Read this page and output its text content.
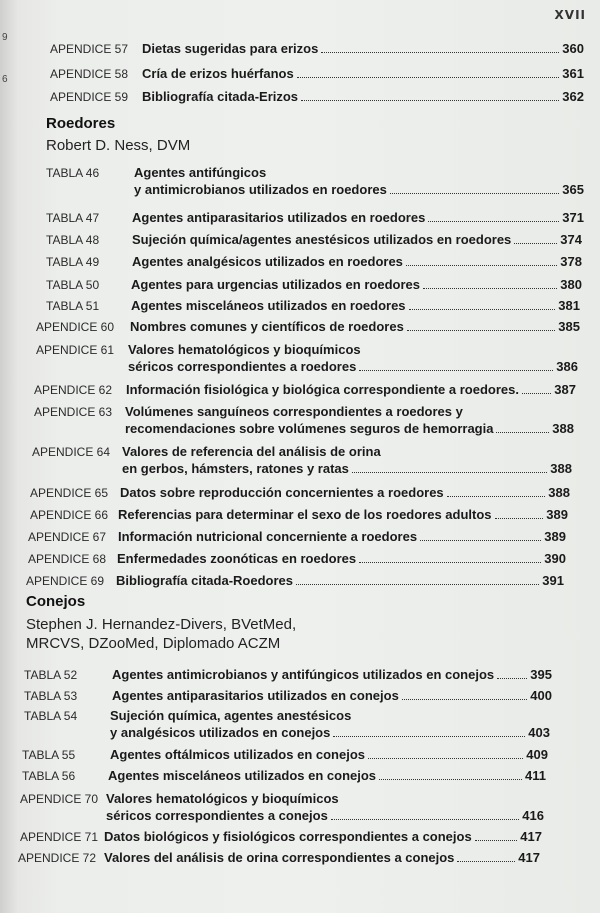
XVII
9
6
APENDICE 57 Dietas sugeridas para erizos	360
APENDICE 58 Cría de erizos huérfanos	361
APENDICE 59 Bibliografía citada-Erizos	362
Roedores
Robert D. Ness, DVM
TABLA 46	Agentes antifúngicos
y antimicrobianos utilizados en roedores	365
TABLA 47	Agentes antiparasitarios utilizados en roedores	371
TABLA 48	Sujeción química/agentes anestésicos utilizados en roedores	374
TABLA 49	Agentes analgésicos utilizados en roedores	378
TABLA 50 Agentes para urgencias utilizados en roedores	380
TABLA 51 Agentes misceláneos utilizados en roedores	381
APENDICE 60 Nombres comunes y científicos de roedores	385
APENDICE 61 Valores hematológicos y bioquímicos
séricos correspondientes a roedores	386
APENDICE 62 Información fisiológica y biológica correspondiente a roedores.	387
APENDICE 63 Volúmenes sanguíneos correspondientes a roedores y
recomendaciones sobre volúmenes seguros de hemorragia	388
APENDICE 64 Valores de referencia del análisis de orina
en gerbos, hámsters, ratones y ratas	388
APENDICE 65 Datos sobre reproducción concernientes a roedores	388
APENDICE 66 Referencias para determinar el sexo de los roedores adultos	389
APENDICE 67 Información nutricional concerniente a roedores	389
APENDICE 68 Enfermedades zoonóticas en roedores	390
APENDICE 69 Bibliografía citada-Roedores	391
Conejos
Stephen J. Hernandez-Divers, BVetMed,
MRCVS, DZooMed, Diplomado ACZM
TABLA 52	Agentes antimicrobianos y antifúngicos utilizados en conejos	395
TABLA 53	Agentes antiparasitarios utilizados en conejos	400
TABLA 54	Sujeción química, agentes anestésicos
y analgésicos utilizados en conejos	403
TABLA 55	Agentes oftálmicos utilizados en conejos	409
TABLA 56	Agentes misceláneos utilizados en conejos	411
APENDICE 70 Valores hematológicos y bioquímicos
séricos correspondientes a conejos	416
APENDICE 71 Datos biológicos y fisiológicos correspondientes a conejos	417
APENDICE 72 Valores del análisis de orina correspondientes a conejos	417
